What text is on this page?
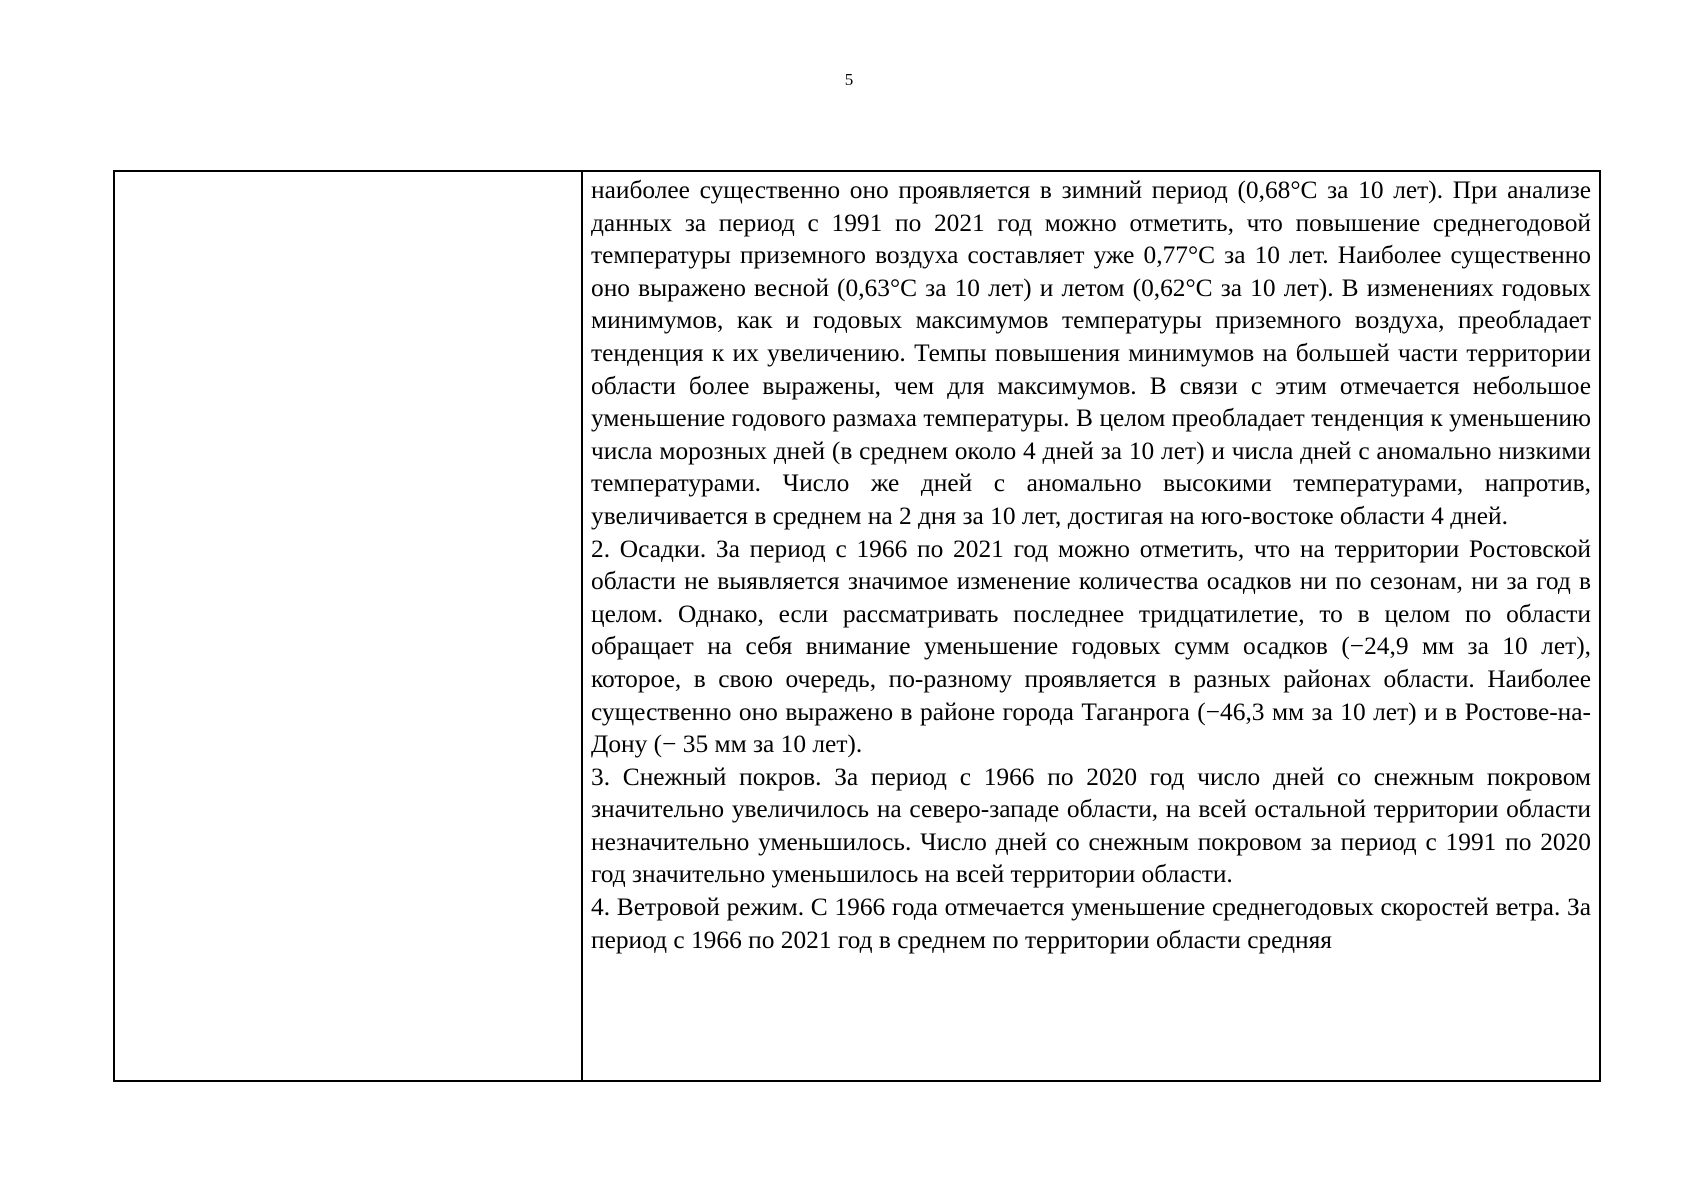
5

наиболее существенно оно проявляется в зимний период (0,68°С за 10 лет). При анализе данных за период с 1991 по 2021 год можно отметить, что повышение среднегодовой температуры приземного воздуха составляет уже 0,77°С за 10 лет. Наиболее существенно оно выражено весной (0,63°С за 10 лет) и летом (0,62°С за 10 лет). В изменениях годовых минимумов, как и годовых максимумов температуры приземного воздуха, преобладает тенденция к их увеличению. Темпы повышения минимумов на большей части территории области более выражены, чем для максимумов. В связи с этим отмечается небольшое уменьшение годового размаха температуры. В целом преобладает тенденция к уменьшению числа морозных дней (в среднем около 4 дней за 10 лет) и числа дней с аномально низкими температурами. Число же дней с аномально высокими температурами, напротив, увеличивается в среднем на 2 дня за 10 лет, достигая на юго-востоке области 4 дней.

2. Осадки. За период с 1966 по 2021 год можно отметить, что на территории Ростовской области не выявляется значимое изменение количества осадков ни по сезонам, ни за год в целом. Однако, если рассматривать последнее тридцатилетие, то в целом по области обращает на себя внимание уменьшение годовых сумм осадков (−24,9 мм за 10 лет), которое, в свою очередь, по-разному проявляется в разных районах области. Наиболее существенно оно выражено в районе города Таганрога (−46,3 мм за 10 лет) и в Ростове-на-Дону (− 35 мм за 10 лет).

3. Снежный покров. За период с 1966 по 2020 год число дней со снежным покровом значительно увеличилось на северо-западе области, на всей остальной территории области незначительно уменьшилось. Число дней со снежным покровом за период с 1991 по 2020 год значительно уменьшилось на всей территории области.

4. Ветровой режим. С 1966 года отмечается уменьшение среднегодовых скоростей ветра. За период с 1966 по 2021 год в среднем по территории области средняя
